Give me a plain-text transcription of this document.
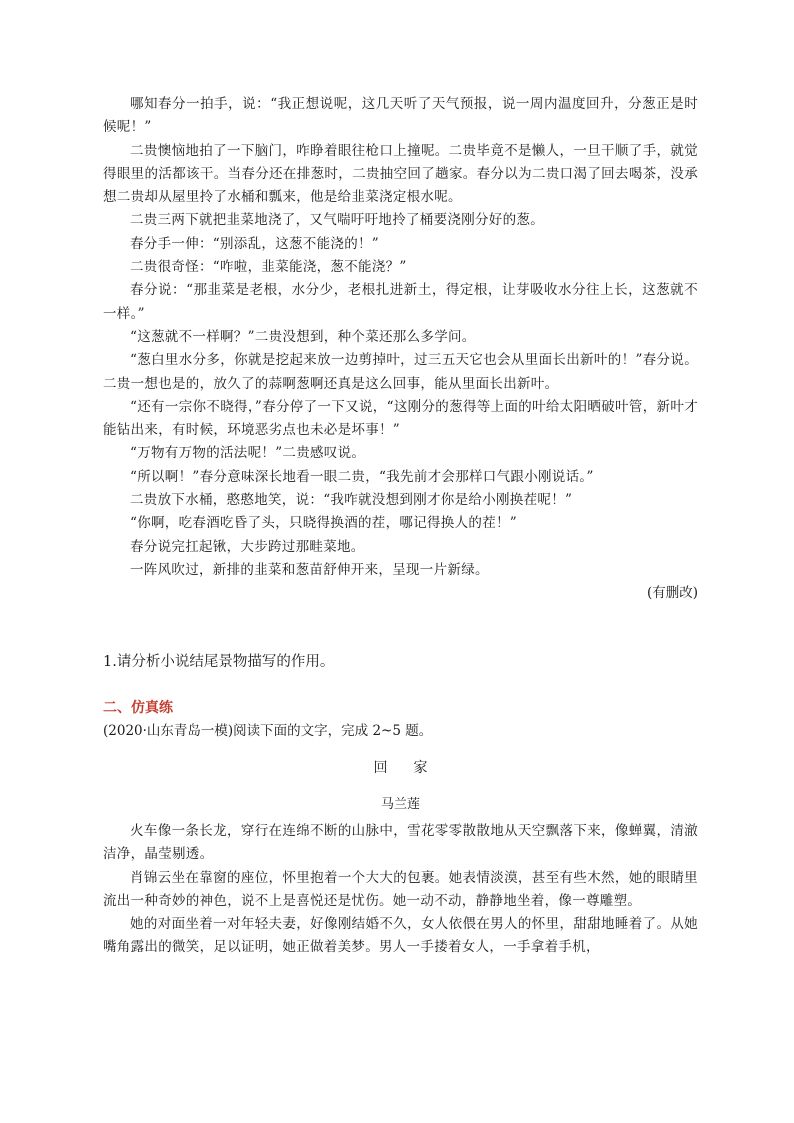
哪知春分一拍手，说：“我正想说呢，这几天听了天气预报，说一周内温度回升，分葱正是时候呢！”

二贵懊恼地拍了一下脑门，咋睁着眼往枪口上撞呢。二贵毕竟不是懒人，一旦干顺了手，就觉得眼里的活都该干。当春分还在排葱时，二贵抽空回了趟家。春分以为二贵口渴了回去喝茶，没承想二贵却从屋里拎了水桶和瓢来，他是给韭菜浇定根水呢。

二贵三两下就把韭菜地浇了，又气喘吁吁地拎了桶要浇刚分好的葱。

春分手一伸：“别添乱，这葱不能浇的！”

二贵很奇怪：“咋啦，韭菜能浇，葱不能浇？”

春分说：“那韭菜是老根，水分少，老根扎进新土，得定根，让芽吸收水分往上长，这葱就不一样。”

“这葱就不一样啊？”二贵没想到，种个菜还那么多学问。

“葱白里水分多，你就是挖起来放一边剪掉叶，过三五天它也会从里面长出新叶的！”春分说。二贵一想也是的，放久了的蒜啊葱啊还真是这么回事，能从里面长出新叶。

“还有一宗你不晓得，”春分停了一下又说，“这刚分的葱得等上面的叶给太阳晒破叶管，新叶才能钻出来，有时候，环境恶劣点也未必是坏事！”

“万物有万物的活法呢！”二贵感叹说。

“所以啊！”春分意味深长地看一眼二贵，“我先前才会那样口气跟小刚说话。”

二贵放下水桶，憨憨地笑，说：“我咋就没想到刚才你是给小刚换茬呢！”

“你啊，吃春酒吃昏了头，只晓得换酒的茬，哪记得换人的茬！”

春分说完扛起锹，大步跨过那畦菜地。

一阵风吹过，新排的韭菜和葱苗舒伸开来，呈现一片新绿。

(有删改)

1.请分析小说结尾景物描写的作用。

二、仿真练

(2020·山东青岛一模)阅读下面的文字，完成 2~5 题。

回家

马兰莲

火车像一条长龙，穿行在连绵不断的山脉中，雪花零零散散地从天空飘落下来，像蝉翼，清澈洁净，晶莹剔透。

肖锦云坐在靠窗的座位，怀里抱着一个大大的包裹。她表情淡漠，甚至有些木然，她的眼睛里流出一种奇妙的神色，说不上是喜悦还是忧伤。她一动不动，静静地坐着，像一尊雕塑。

她的对面坐着一对年轻夫妻，好像刚结婚不久，女人依偎在男人的怀里，甜甜地睡着了。从她嘴角露出的微笑，足以证明，她正做着美梦。男人一手搂着女人，一手拿着手机，
